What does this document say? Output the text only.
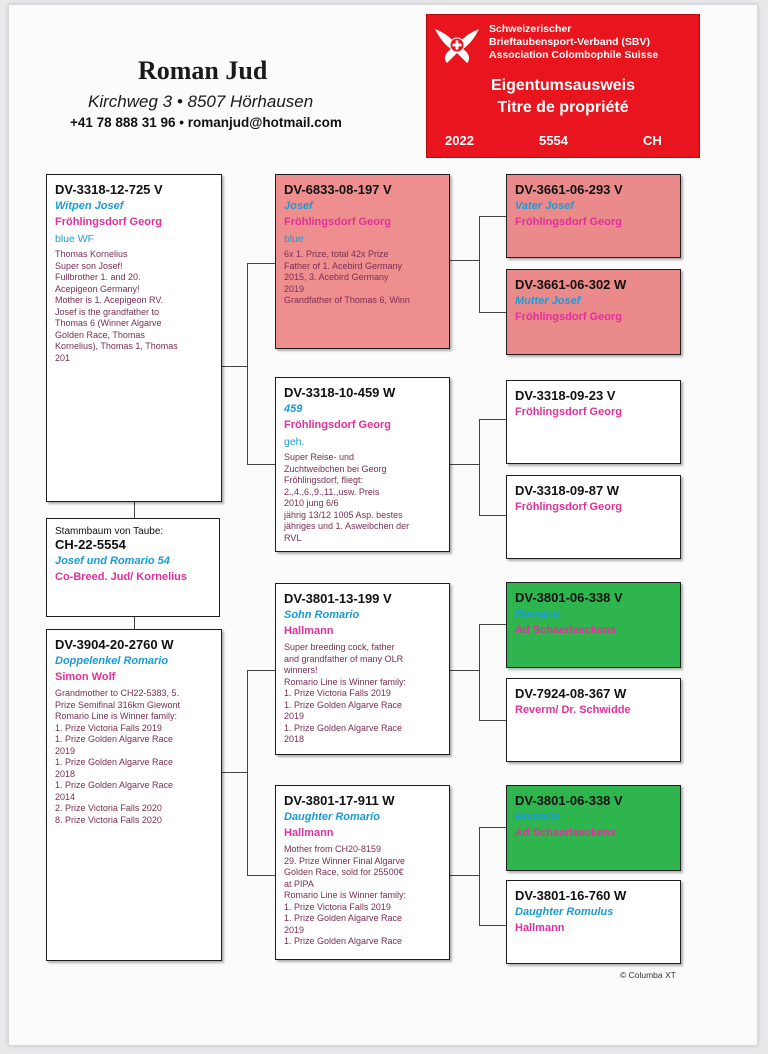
Roman Jud
Kirchweg 3 • 8507 Hörhausen
+41 78 888 31 96 • romanjud@hotmail.com
Schweizerischer
Brieftaubensport-Verband (SBV)
Association Colombophile Suisse
Eigentumsausweis
Titre de propriété
2022	5554	CH
DV-3318-12-725 V
Witpen Josef
Fröhlingsdorf Georg
blue WF
Thomas Kornelius
Super son Josef!
Fullbrother 1. and 20.
Acepigeon Germany!
Mother is 1. Acepigeon RV.
Josef is the grandfather to
Thomas 6 (Winner Algarve
Golden Race, Thomas
Kornelius), Thomas 1, Thomas
201
Stammbaum von Taube:
CH-22-5554
Josef und Romario 54
Co-Breed. Jud/ Kornelius
DV-3904-20-2760 W
Doppelenkel Romario
Simon Wolf
Grandmother to CH22-5383, 5.
Prize Semifinal 316km Giewont
Romario Line is Winner family:
1. Prize Victoria Falls 2019
1. Prize Golden Algarve Race
2019
1. Prize Golden Algarve Race
2018
1. Prize Golden Algarve Race
2014
2. Prize Victoria Falls 2020
8. Prize Victoria Falls 2020
DV-6833-08-197 V
Josef
Fröhlingsdorf Georg
blue
6x 1. Prize, total 42x Prize
Father of 1. Acebird Germany
2015, 3. Acebird Germany
2019
Grandfather of Thomas 6, Winn
DV-3318-10-459 W
459
Fröhlingsdorf Georg
geh.
Super Reise- und
Zuchtweibchen bei Georg
Fröhlingsdorf, fliegt:
2.,4.,6.,9.,11.,usw. Preis
2010 jung 6/6
jährig 13/12 1005 Asp. bestes
jähriges und 1. Asweibchen der
RVL
DV-3801-13-199 V
Sohn Romario
Hallmann
Super breeding cock, father
and grandfather of many OLR
winners!
Romario Line is Winner family:
1. Prize Victoria Falls 2019
1. Prize Golden Algarve Race
2019
1. Prize Golden Algarve Race
2018
DV-3801-17-911 W
Daughter Romario
Hallmann
Mother from CH20-8159
29. Prize Winner Final Algarve
Golden Race, sold for 25500€
at PIPA
Romario Line is Winner family:
1. Prize Victoria Falls 2019
1. Prize Golden Algarve Race
2019
1. Prize Golden Algarve Race
DV-3661-06-293 V
Vater Josef
Fröhlingsdorf Georg
DV-3661-06-302 W
Mutter Josef
Fröhlingsdorf Georg
DV-3318-09-23 V
Fröhlingsdorf Georg
DV-3318-09-87 W
Fröhlingsdorf Georg
DV-3801-06-338 V
Romario
Ad Schaerlaeckens
DV-7924-08-367 W
Reverm/ Dr. Schwidde
DV-3801-06-338 V
Romario
Ad Schaerlaeckens
DV-3801-16-760 W
Daughter Romulus
Hallmann
© Columba XT
